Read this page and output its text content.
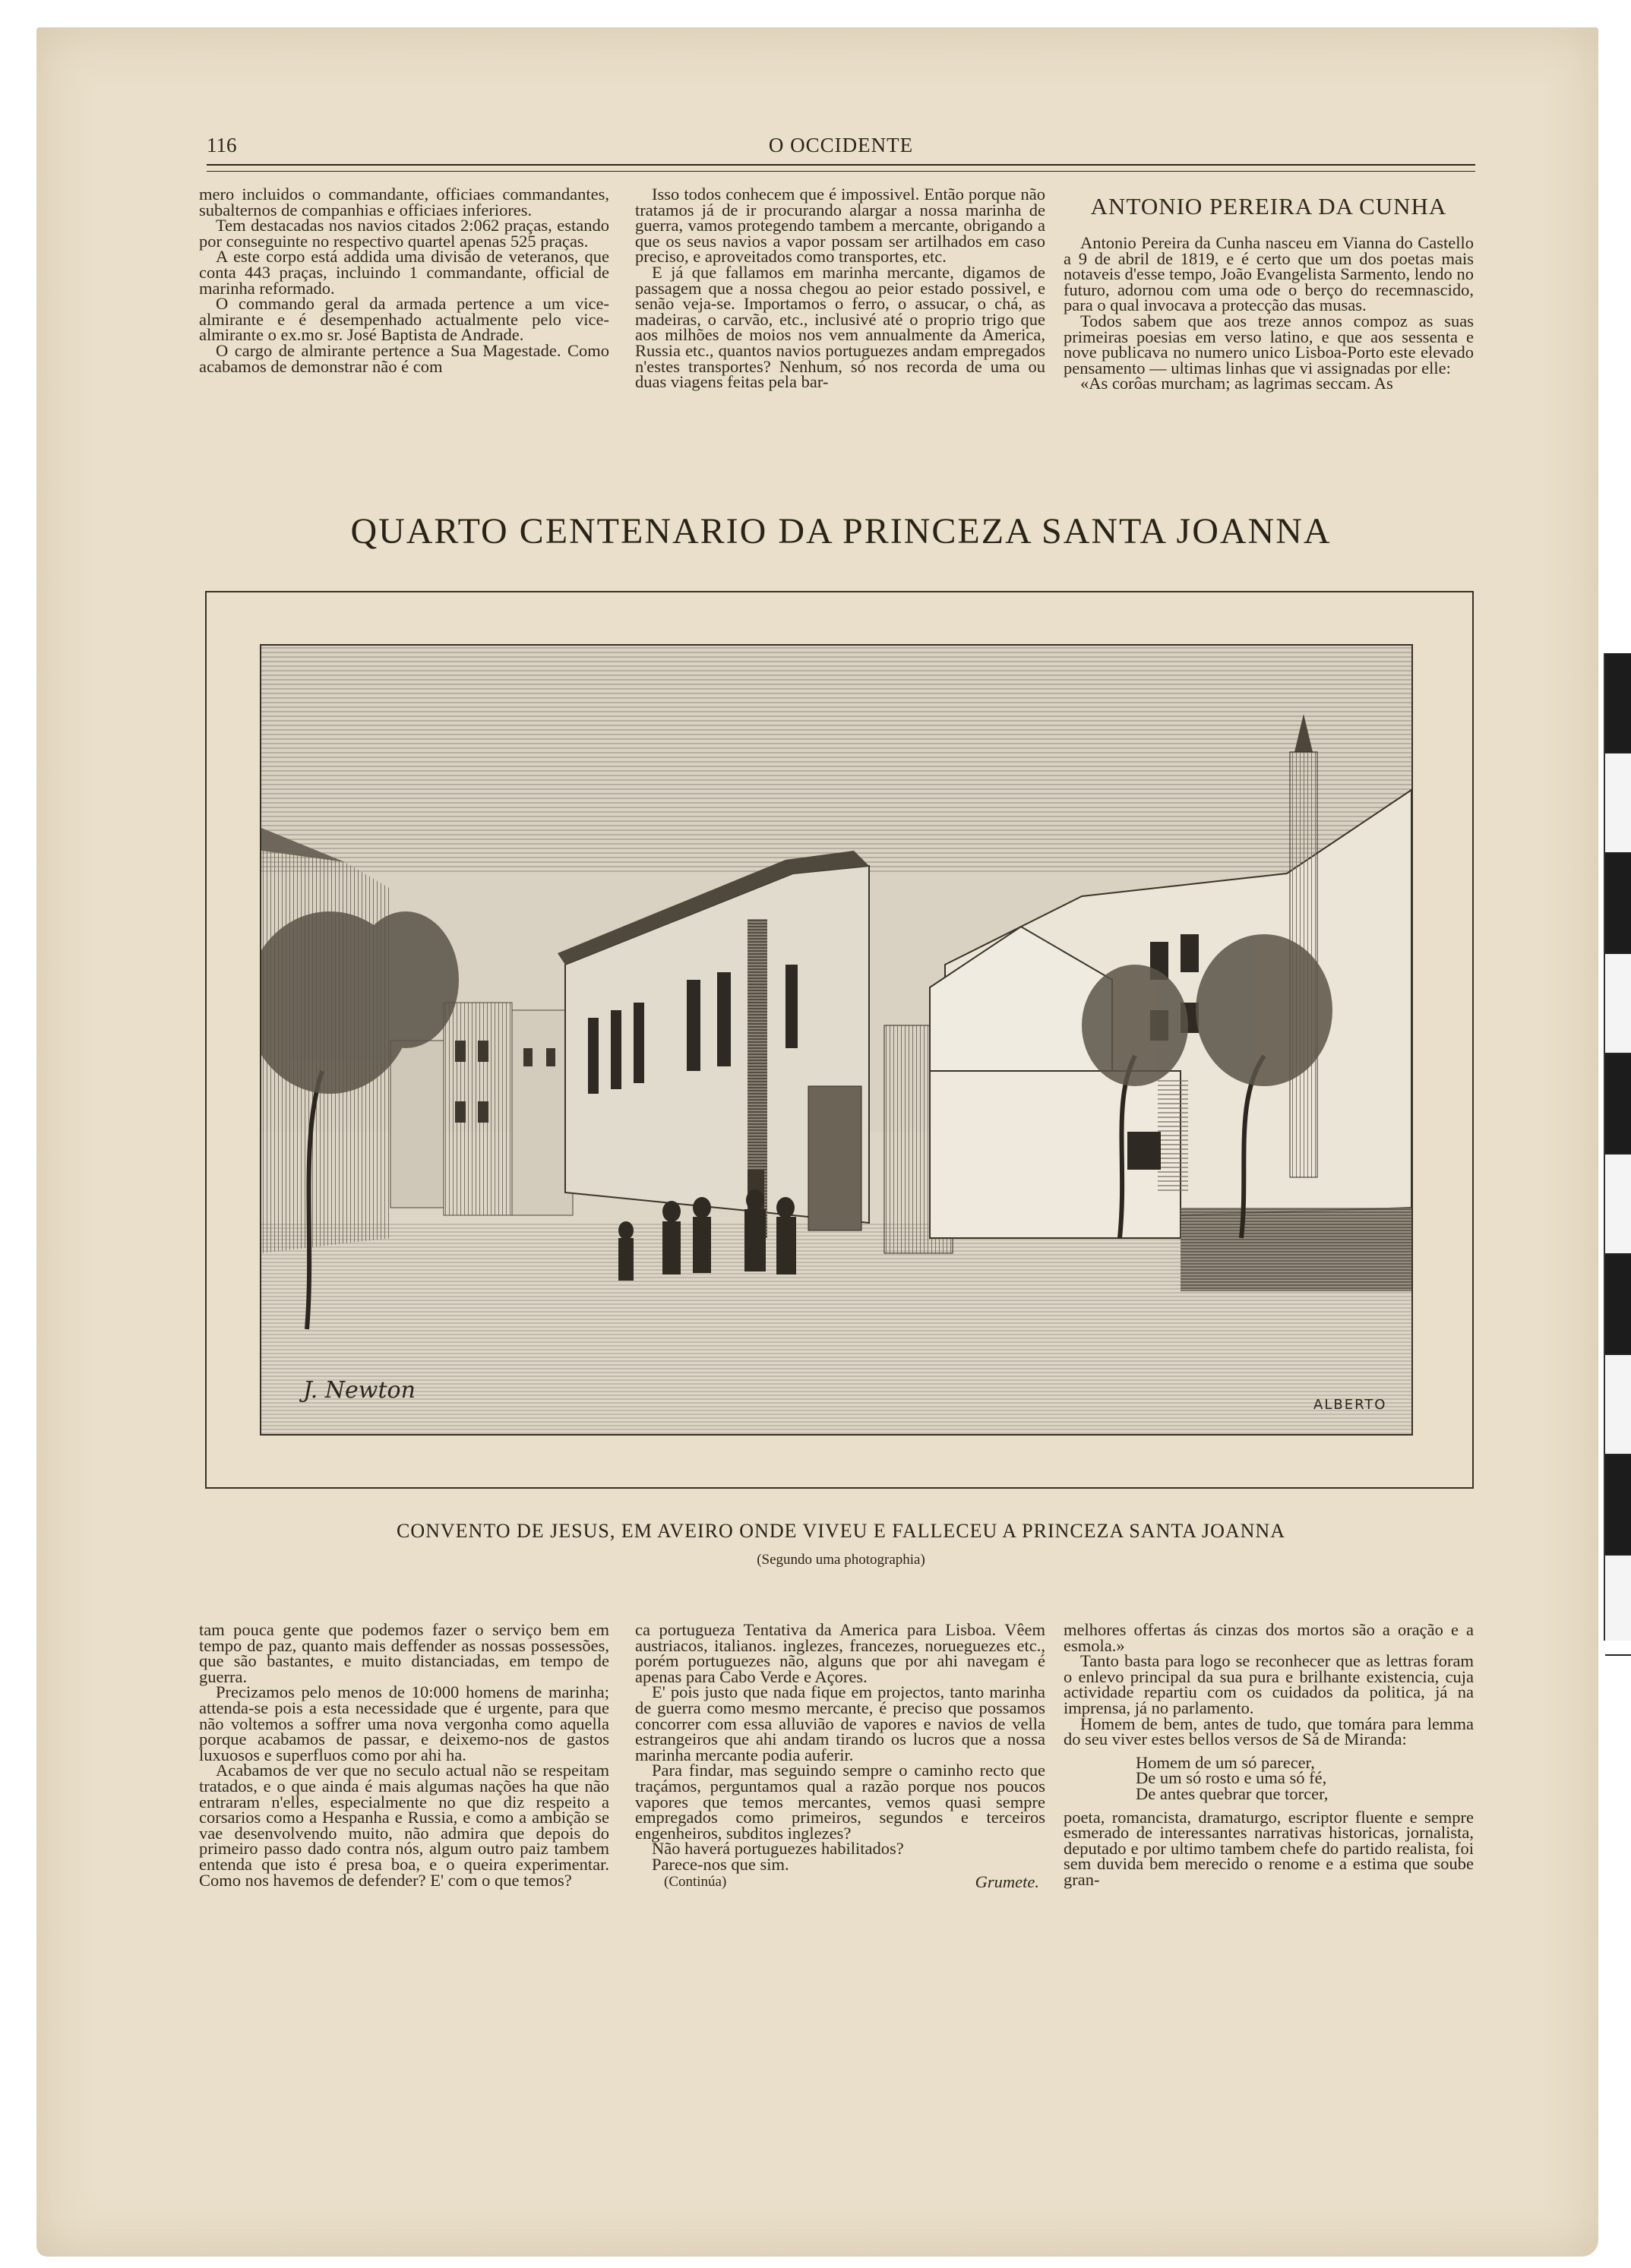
116	O OCCIDENTE

mero incluidos o commandante, officiaes commandantes, subalternos de companhias e officiaes inferiores.

Tem destacadas nos navios citados 2:062 praças, estando por conseguinte no respectivo quartel apenas 525 praças.

A este corpo está addida uma divisão de veteranos, que conta 443 praças, incluindo 1 commandante, official de marinha reformado.

O commando geral da armada pertence a um vice-almirante e é desempenhado actualmente pelo vice-almirante o ex.mo sr. José Baptista de Andrade.

O cargo de almirante pertence a Sua Magestade. Como acabamos de demonstrar não é com

Isso todos conhecem que é impossivel. Então porque não tratamos já de ir procurando alargar a nossa marinha de guerra, vamos protegendo tambem a mercante, obrigando a que os seus navios a vapor possam ser artilhados em caso preciso, e aproveitados como transportes, etc.

E já que fallamos em marinha mercante, digamos de passagem que a nossa chegou ao peior estado possivel, e senão veja-se. Importamos o ferro, o assucar, o chá, as madeiras, o carvão, etc., inclusivé até o proprio trigo que aos milhões de moios nos vem annualmente da America, Russia etc., quantos navios portuguezes andam empregados n'estes transportes? Nenhum, só nos recorda de uma ou duas viagens feitas pela bar-

ANTONIO PEREIRA DA CUNHA

Antonio Pereira da Cunha nasceu em Vianna do Castello a 9 de abril de 1819, e é certo que um dos poetas mais notaveis d'esse tempo, João Evangelista Sarmento, lendo no futuro, adornou com uma ode o berço do recemnascido, para o qual invocava a protecção das musas.

Todos sabem que aos treze annos compoz as suas primeiras poesias em verso latino, e que aos sessenta e nove publicava no numero unico Lisboa-Porto este elevado pensamento — ultimas linhas que vi assignadas por elle:

«As corôas murcham; as lagrimas seccam. As

QUARTO CENTENARIO DA PRINCEZA SANTA JOANNA
J. Newton
ALBERTO
CONVENTO DE JESUS, EM AVEIRO ONDE VIVEU E FALLECEU A PRINCEZA SANTA JOANNA
(Segundo uma photographia)

tam pouca gente que podemos fazer o serviço bem em tempo de paz, quanto mais deffender as nossas possessões, que são bastantes, e muito distanciadas, em tempo de guerra.

Precizamos pelo menos de 10:000 homens de marinha; attenda-se pois a esta necessidade que é urgente, para que não voltemos a soffrer uma nova vergonha como aquella porque acabamos de passar, e deixemo-nos de gastos luxuosos e superfluos como por ahi ha.

Acabamos de ver que no seculo actual não se respeitam tratados, e o que ainda é mais algumas nações ha que não entraram n'elles, especialmente no que diz respeito a corsarios como a Hespanha e Russia, e como a ambição se vae desenvolvendo muito, não admira que depois do primeiro passo dado contra nós, algum outro paiz tambem entenda que isto é presa boa, e o queira experimentar. Como nos havemos de defender? E' com o que temos?

ca portugueza Tentativa da America para Lisboa. Vêem austriacos, italianos. inglezes, francezes, norueguezes etc., porém portuguezes não, alguns que por ahi navegam é apenas para Cabo Verde e Açores.

E' pois justo que nada fique em projectos, tanto marinha de guerra como mesmo mercante, é preciso que possamos concorrer com essa alluvião de vapores e navios de vella estrangeiros que ahi andam tirando os lucros que a nossa marinha mercante podia auferir.

Para findar, mas seguindo sempre o caminho recto que traçámos, perguntamos qual a razão porque nos poucos vapores que temos mercantes, vemos quasi sempre empregados como primeiros, segundos e terceiros engenheiros, subditos inglezes?

Não haverá portuguezes habilitados?

Parece-nos que sim.

(Continúa)	Grumete.

melhores offertas ás cinzas dos mortos são a oração e a esmola.»

Tanto basta para logo se reconhecer que as lettras foram o enlevo principal da sua pura e brilhante existencia, cuja actividade repartiu com os cuidados da politica, já na imprensa, já no parlamento.

Homem de bem, antes de tudo, que tomára para lemma do seu viver estes bellos versos de Sá de Miranda:

Homem de um só parecer,
De um só rosto e uma só fé,
De antes quebrar que torcer,

poeta, romancista, dramaturgo, escriptor fluente e sempre esmerado de interessantes narrativas historicas, jornalista, deputado e por ultimo tambem chefe do partido realista, foi sem duvida bem merecido o renome e a estima que soube gran-
